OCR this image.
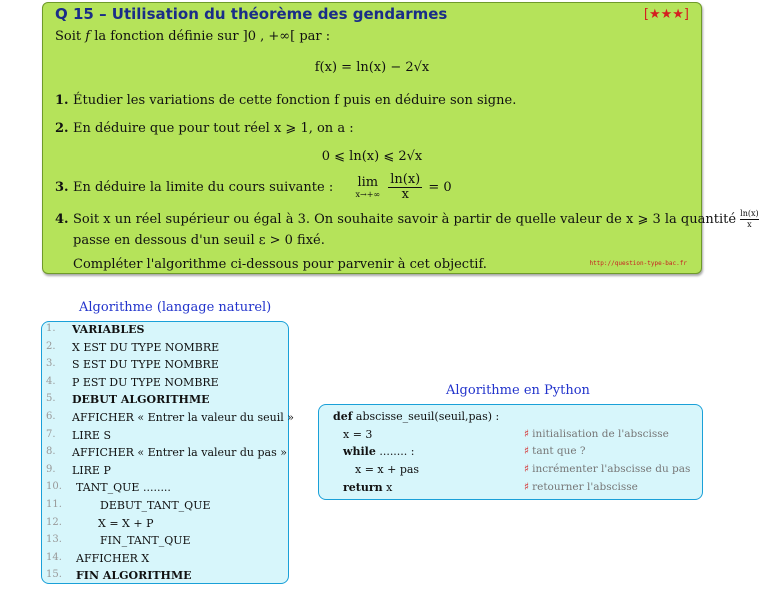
Q 15 – Utilisation du théorème des gendarmes	[★★★]
Soit f la fonction définie sur ]0 , +∞[ par :
f(x) = ln(x) − 2√x
1. Étudier les variations de cette fonction f puis en déduire son signe.
2. En déduire que pour tout réel x ⩾ 1, on a :
0 ⩽ ln(x) ⩽ 2√x
3. En déduire la limite du cours suivante : lim
x→+∞
$\frac{\ln(x)}{x} = 0$
4. Soit x un réel supérieur ou égal à 3. On souhaite savoir à partir de quelle valeur de x ⩾ 3 la quantité $\frac{\ln(x)}{x}$
passe en dessous d'un seuil ε > 0 fixé.
Compléter l'algorithme ci-dessous pour parvenir à cet objectif.	http://question-type-bac.fr
Algorithme (langage naturel)
1. VARIABLES
2. X EST DU TYPE NOMBRE
3. S EST DU TYPE NOMBRE
4. P EST DU TYPE NOMBRE
5. DEBUT ALGORITHME
6. AFFICHER « Entrer la valeur du seuil »
7. LIRE S
8. AFFICHER « Entrer la valeur du pas »
9. LIRE P
10. TANT_QUE ........
11.	DEBUT_TANT_QUE
12.	X = X + P
13.	FIN_TANT_QUE
14. AFFICHER X
15. FIN ALGORITHME
Algorithme en Python
def abscisse_seuil(seuil,pas) :
x = 3	♯ initialisation de l'abscisse
while ........ :	♯ tant que ?
x = x + pas	♯ incrémenter l'abscisse du pas
return x	♯ retourner l'abscisse
